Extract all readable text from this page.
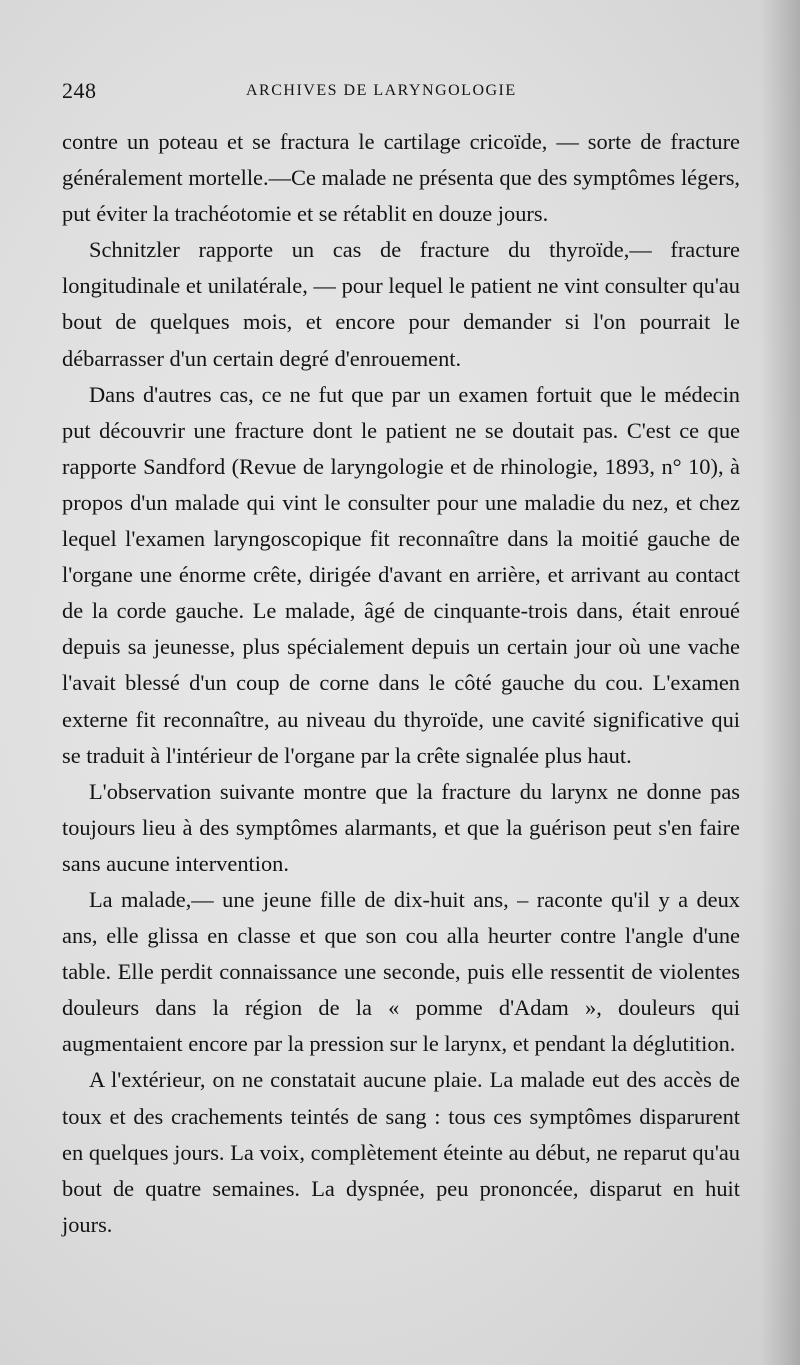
248	ARCHIVES DE LARYNGOLOGIE

contre un poteau et se fractura le cartilage cricoïde, — sorte de fracture généralement mortelle.—Ce malade ne présenta que des symptômes légers, put éviter la trachéotomie et se rétablit en douze jours.

Schnitzler rapporte un cas de fracture du thyroïde,— fracture longitudinale et unilatérale, — pour lequel le patient ne vint consulter qu'au bout de quelques mois, et encore pour demander si l'on pourrait le débarrasser d'un certain degré d'enrouement.

Dans d'autres cas, ce ne fut que par un examen fortuit que le médecin put découvrir une fracture dont le patient ne se doutait pas. C'est ce que rapporte Sandford (Revue de laryngologie et de rhinologie, 1893, n° 10), à propos d'un malade qui vint le consulter pour une maladie du nez, et chez lequel l'examen laryngoscopique fit reconnaître dans la moitié gauche de l'organe une énorme crête, dirigée d'avant en arrière, et arrivant au contact de la corde gauche. Le malade, âgé de cinquante-trois dans, était enroué depuis sa jeunesse, plus spécialement depuis un certain jour où une vache l'avait blessé d'un coup de corne dans le côté gauche du cou. L'examen externe fit reconnaître, au niveau du thyroïde, une cavité significative qui se traduit à l'intérieur de l'organe par la crête signalée plus haut.

L'observation suivante montre que la fracture du larynx ne donne pas toujours lieu à des symptômes alarmants, et que la guérison peut s'en faire sans aucune intervention.

La malade,— une jeune fille de dix-huit ans, – raconte qu'il y a deux ans, elle glissa en classe et que son cou alla heurter contre l'angle d'une table. Elle perdit connaissance une seconde, puis elle ressentit de violentes douleurs dans la région de la « pomme d'Adam », douleurs qui augmentaient encore par la pression sur le larynx, et pendant la déglutition.

A l'extérieur, on ne constatait aucune plaie. La malade eut des accès de toux et des crachements teintés de sang : tous ces symptômes disparurent en quelques jours. La voix, complètement éteinte au début, ne reparut qu'au bout de quatre semaines. La dyspnée, peu prononcée, disparut en huit jours.
